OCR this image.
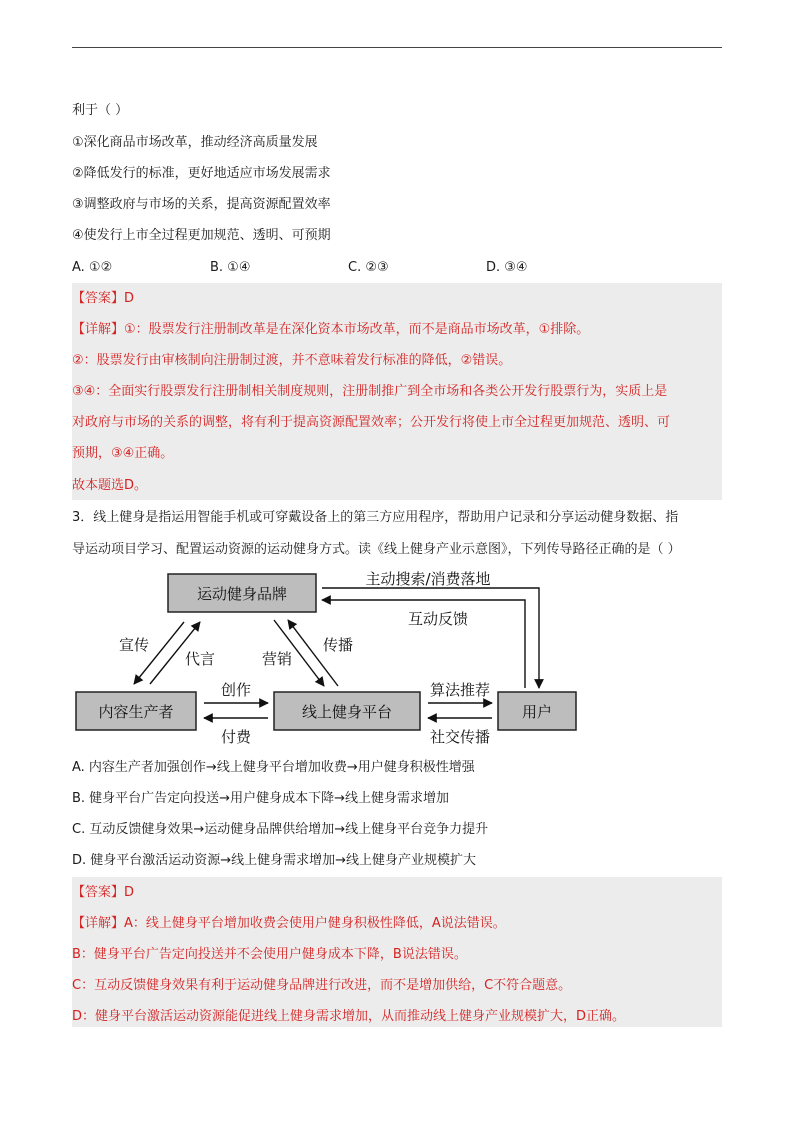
利于（ ）
①深化商品市场改革，推动经济高质量发展
②降低发行的标准，更好地适应市场发展需求
③调整政府与市场的关系，提高资源配置效率
④使发行上市全过程更加规范、透明、可预期
A. ①②	B. ①④	C. ②③	D. ③④
【答案】D
【详解】①：股票发行注册制改革是在深化资本市场改革，而不是商品市场改革，①排除。
②：股票发行由审核制向注册制过渡，并不意味着发行标准的降低，②错误。
③④：全面实行股票发行注册制相关制度规则，注册制推广到全市场和各类公开发行股票行为，实质上是
对政府与市场的关系的调整，将有利于提高资源配置效率；公开发行将使上市全过程更加规范、透明、可
预期，③④正确。
故本题选D。
3．线上健身是指运用智能手机或可穿戴设备上的第三方应用程序，帮助用户记录和分享运动健身数据、指
导运动项目学习、配置运动资源的运动健身方式。读《线上健身产业示意图》，下列传导路径正确的是（ ）
运动健身品牌
内容生产者	线上健身平台	用户
主动搜索/消费落地
互动反馈
宣传
代言	营销
传播
创作
付费
算法推荐
社交传播
A. 内容生产者加强创作→线上健身平台增加收费→用户健身积极性增强
B. 健身平台广告定向投送→用户健身成本下降→线上健身需求增加
C. 互动反馈健身效果→运动健身品牌供给增加→线上健身平台竞争力提升
D. 健身平台激活运动资源→线上健身需求增加→线上健身产业规模扩大
【答案】D
【详解】A：线上健身平台增加收费会使用户健身积极性降低，A说法错误。
B：健身平台广告定向投送并不会使用户健身成本下降，B说法错误。
C：互动反馈健身效果有利于运动健身品牌进行改进，而不是增加供给，C不符合题意。
D：健身平台激活运动资源能促进线上健身需求增加，从而推动线上健身产业规模扩大，D正确。
